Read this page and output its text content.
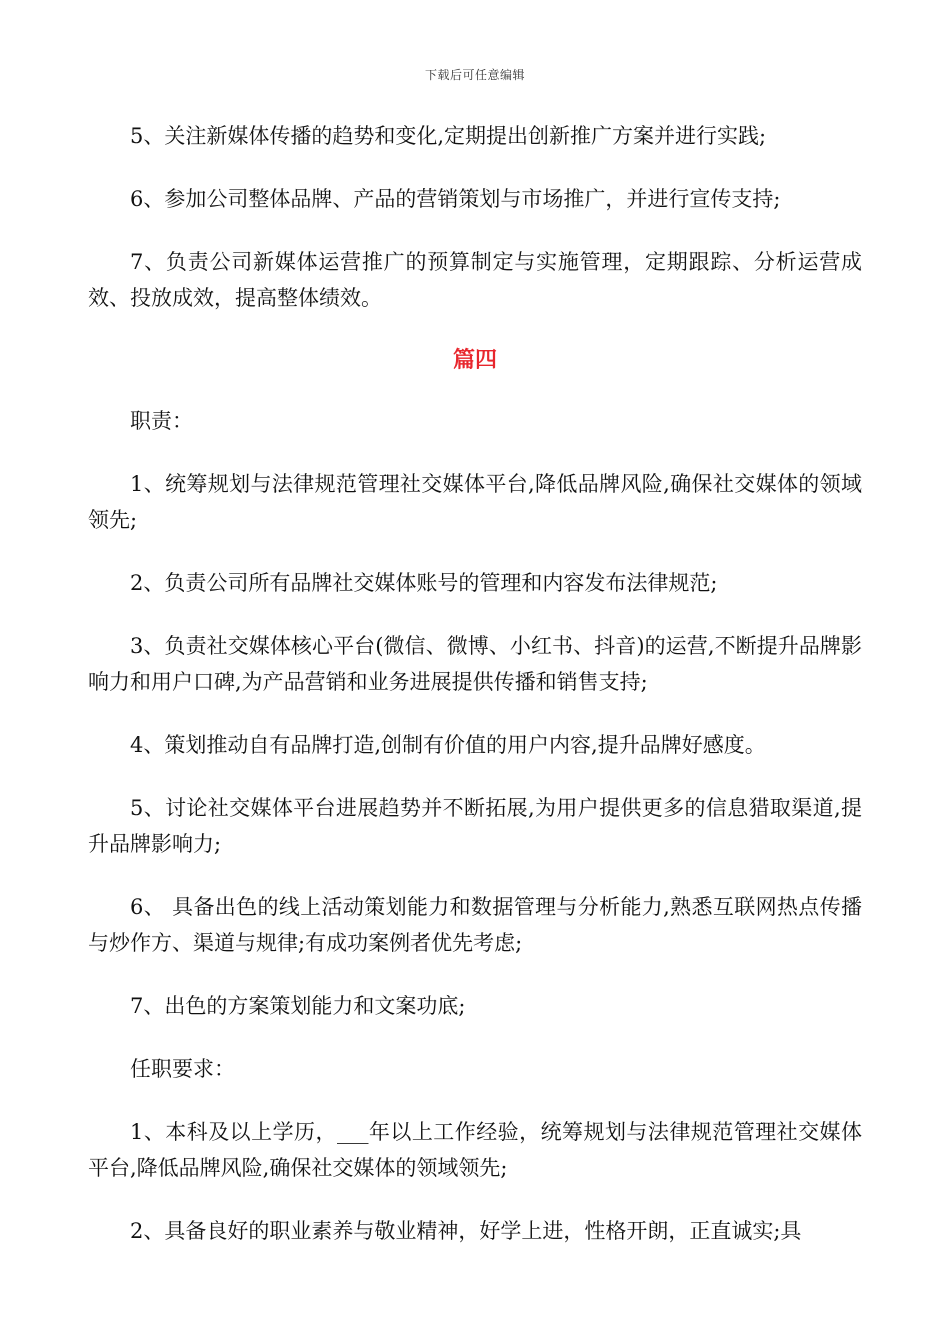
下载后可任意编辑

5、关注新媒体传播的趋势和变化,定期提出创新推广方案并进行实践;

6、参加公司整体品牌、产品的营销策划与市场推广，并进行宣传支持;

7、负责公司新媒体运营推广的预算制定与实施管理，定期跟踪、分析运营成效、投放成效，提高整体绩效。

篇四

职责：

1、统筹规划与法律规范管理社交媒体平台,降低品牌风险,确保社交媒体的领域领先;

2、负责公司所有品牌社交媒体账号的管理和内容发布法律规范;

3、负责社交媒体核心平台(微信、微博、小红书、抖音)的运营,不断提升品牌影响力和用户口碑,为产品营销和业务进展提供传播和销售支持;

4、策划推动自有品牌打造,创制有价值的用户内容,提升品牌好感度。

5、讨论社交媒体平台进展趋势并不断拓展,为用户提供更多的信息猎取渠道,提升品牌影响力;

6、 具备出色的线上活动策划能力和数据管理与分析能力,熟悉互联网热点传播与炒作方、渠道与规律;有成功案例者优先考虑;

7、出色的方案策划能力和文案功底;

任职要求：

1、本科及以上学历，___年以上工作经验，统筹规划与法律规范管理社交媒体平台,降低品牌风险,确保社交媒体的领域领先;

2、具备良好的职业素养与敬业精神，好学上进，性格开朗，正直诚实;具
